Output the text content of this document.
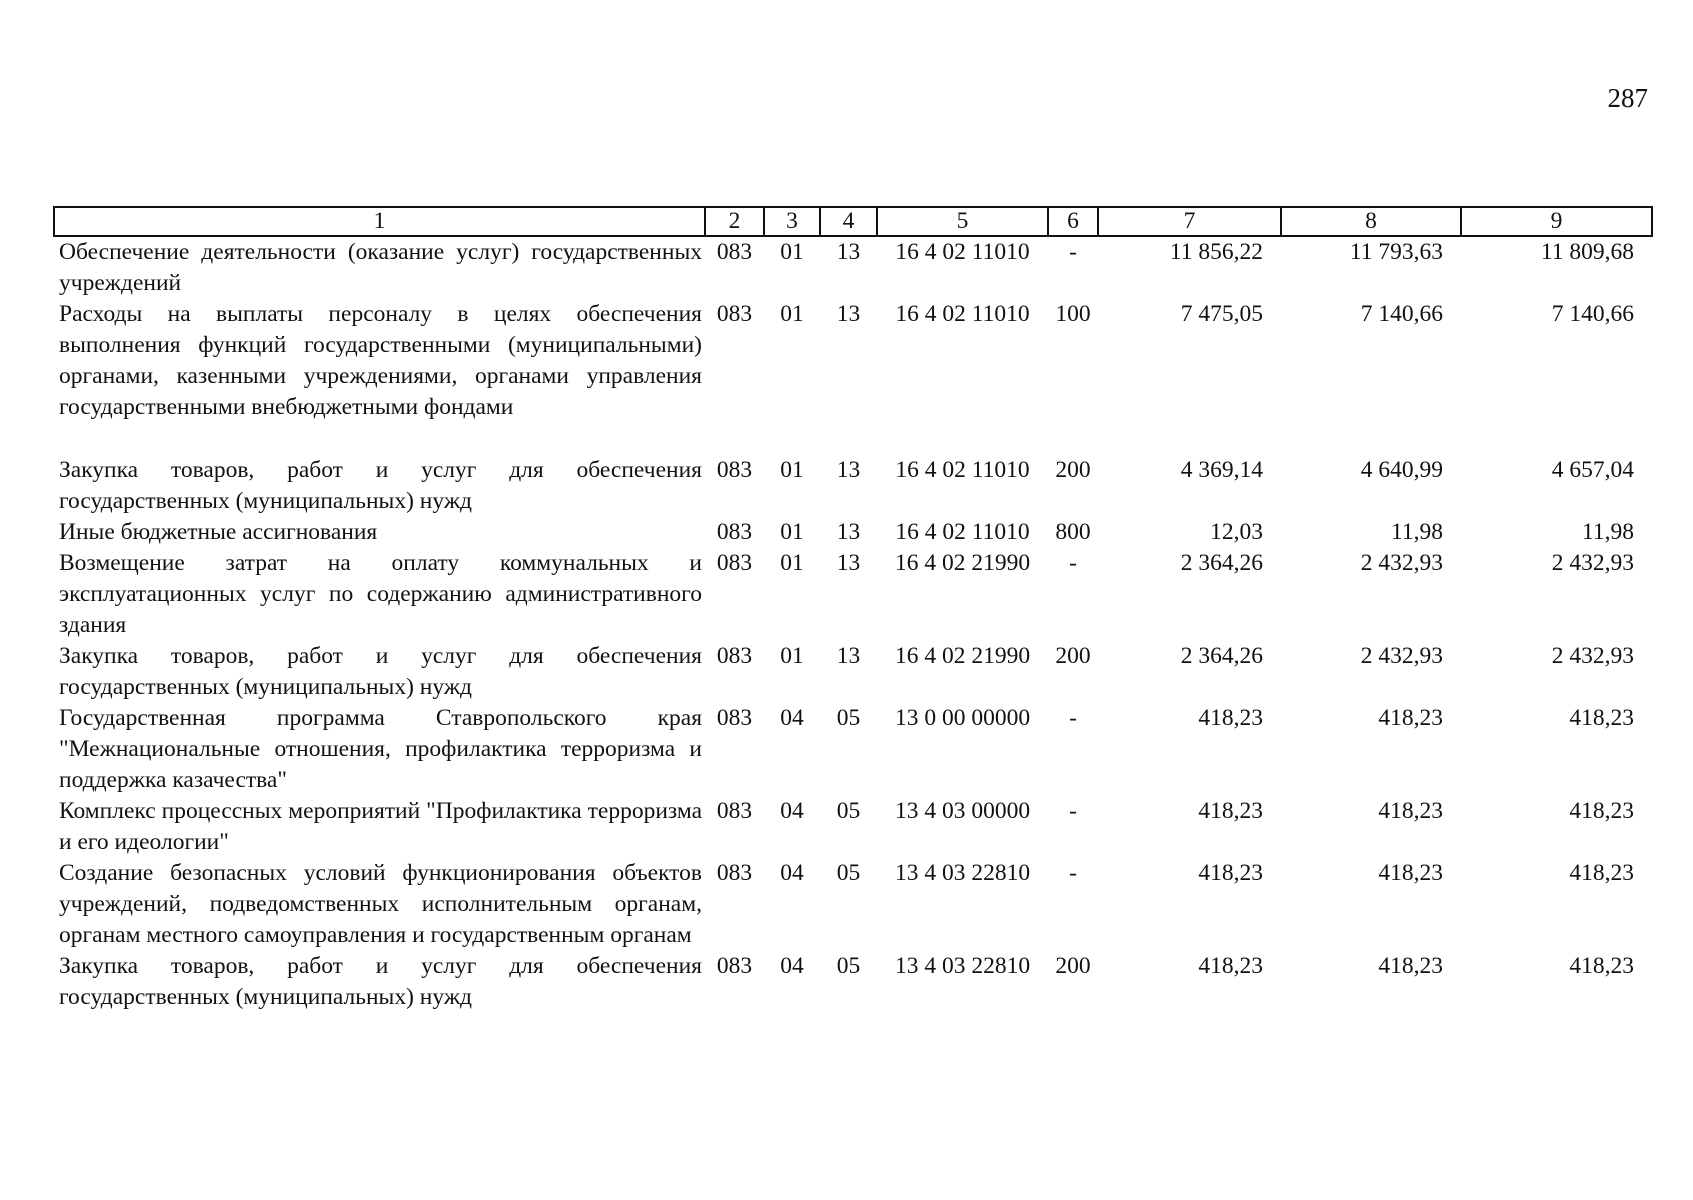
287
1	2	3	4	5	6	7	8	9
Обеспечение деятельности (оказание услуг) государственных учреждений	083	01	13	16 4 02 11010	-	11 856,22	11 793,63	11 809,68
Расходы на выплаты персоналу в целях обеспечения выполнения функций государственными (муниципальными) органами, казенными учреждениями, органами управления государственными внебюджетными фондами	083	01	13	16 4 02 11010	100	7 475,05	7 140,66	7 140,66

Закупка товаров, работ и услуг для обеспечения государственных (муниципальных) нужд	083	01	13	16 4 02 11010	200	4 369,14	4 640,99	4 657,04
Иные бюджетные ассигнования	083	01	13	16 4 02 11010	800	12,03	11,98	11,98
Возмещение затрат на оплату коммунальных и эксплуатационных услуг по содержанию административного здания	083	01	13	16 4 02 21990	-	2 364,26	2 432,93	2 432,93
Закупка товаров, работ и услуг для обеспечения государственных (муниципальных) нужд	083	01	13	16 4 02 21990	200	2 364,26	2 432,93	2 432,93
Государственная программа Ставропольского края "Межнациональные отношения, профилактика терроризма и поддержка казачества"	083	04	05	13 0 00 00000	-	418,23	418,23	418,23
Комплекс процессных мероприятий "Профилактика терроризма и его идеологии"	083	04	05	13 4 03 00000	-	418,23	418,23	418,23
Создание безопасных условий функционирования объектов учреждений, подведомственных исполнительным органам, органам местного самоуправления и государственным органам	083	04	05	13 4 03 22810	-	418,23	418,23	418,23
Закупка товаров, работ и услуг для обеспечения государственных (муниципальных) нужд	083	04	05	13 4 03 22810	200	418,23	418,23	418,23
